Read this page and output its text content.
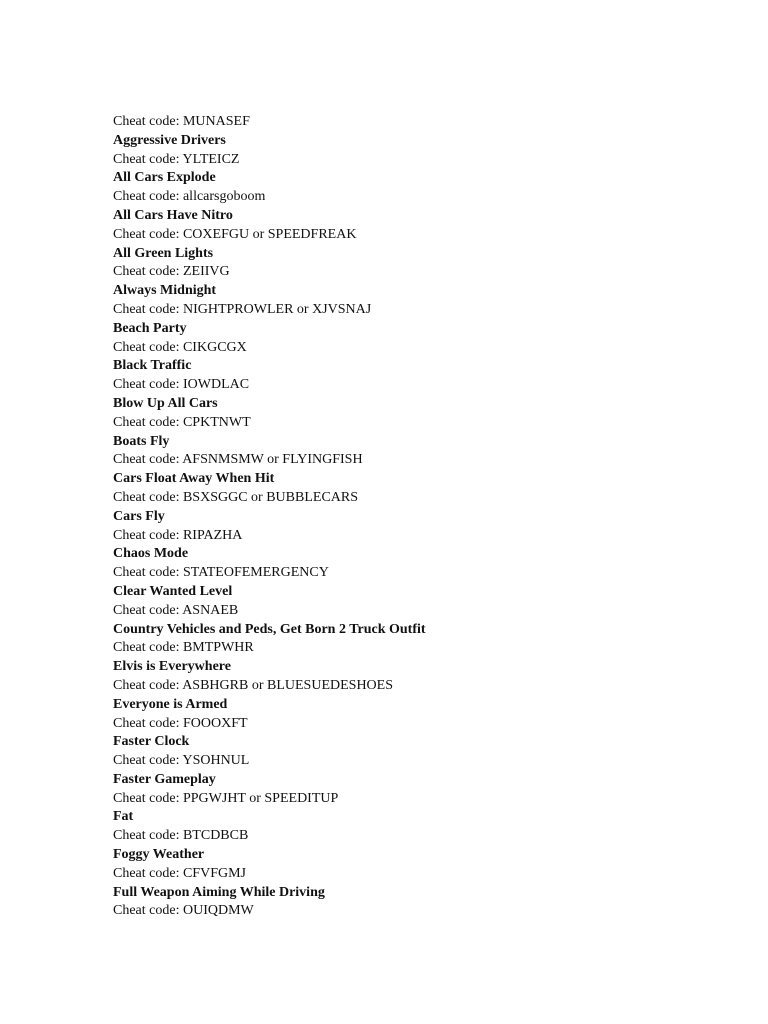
Cheat code: MUNASEF
Aggressive Drivers
Cheat code: YLTEICZ
All Cars Explode
Cheat code: allcarsgoboom
All Cars Have Nitro
Cheat code: COXEFGU or SPEEDFREAK
All Green Lights
Cheat code: ZEIIVG
Always Midnight
Cheat code: NIGHTPROWLER or XJVSNAJ
Beach Party
Cheat code: CIKGCGX
Black Traffic
Cheat code: IOWDLAC
Blow Up All Cars
Cheat code: CPKTNWT
Boats Fly
Cheat code: AFSNMSMW or FLYINGFISH
Cars Float Away When Hit
Cheat code: BSXSGGC or BUBBLECARS
Cars Fly
Cheat code: RIPAZHA
Chaos Mode
Cheat code: STATEOFEMERGENCY
Clear Wanted Level
Cheat code: ASNAEB
Country Vehicles and Peds, Get Born 2 Truck Outfit
Cheat code: BMTPWHR
Elvis is Everywhere
Cheat code: ASBHGRB or BLUESUEDESHOES
Everyone is Armed
Cheat code: FOOOXFT
Faster Clock
Cheat code: YSOHNUL
Faster Gameplay
Cheat code: PPGWJHT or SPEEDITUP
Fat
Cheat code: BTCDBCB
Foggy Weather
Cheat code: CFVFGMJ
Full Weapon Aiming While Driving
Cheat code: OUIQDMW
